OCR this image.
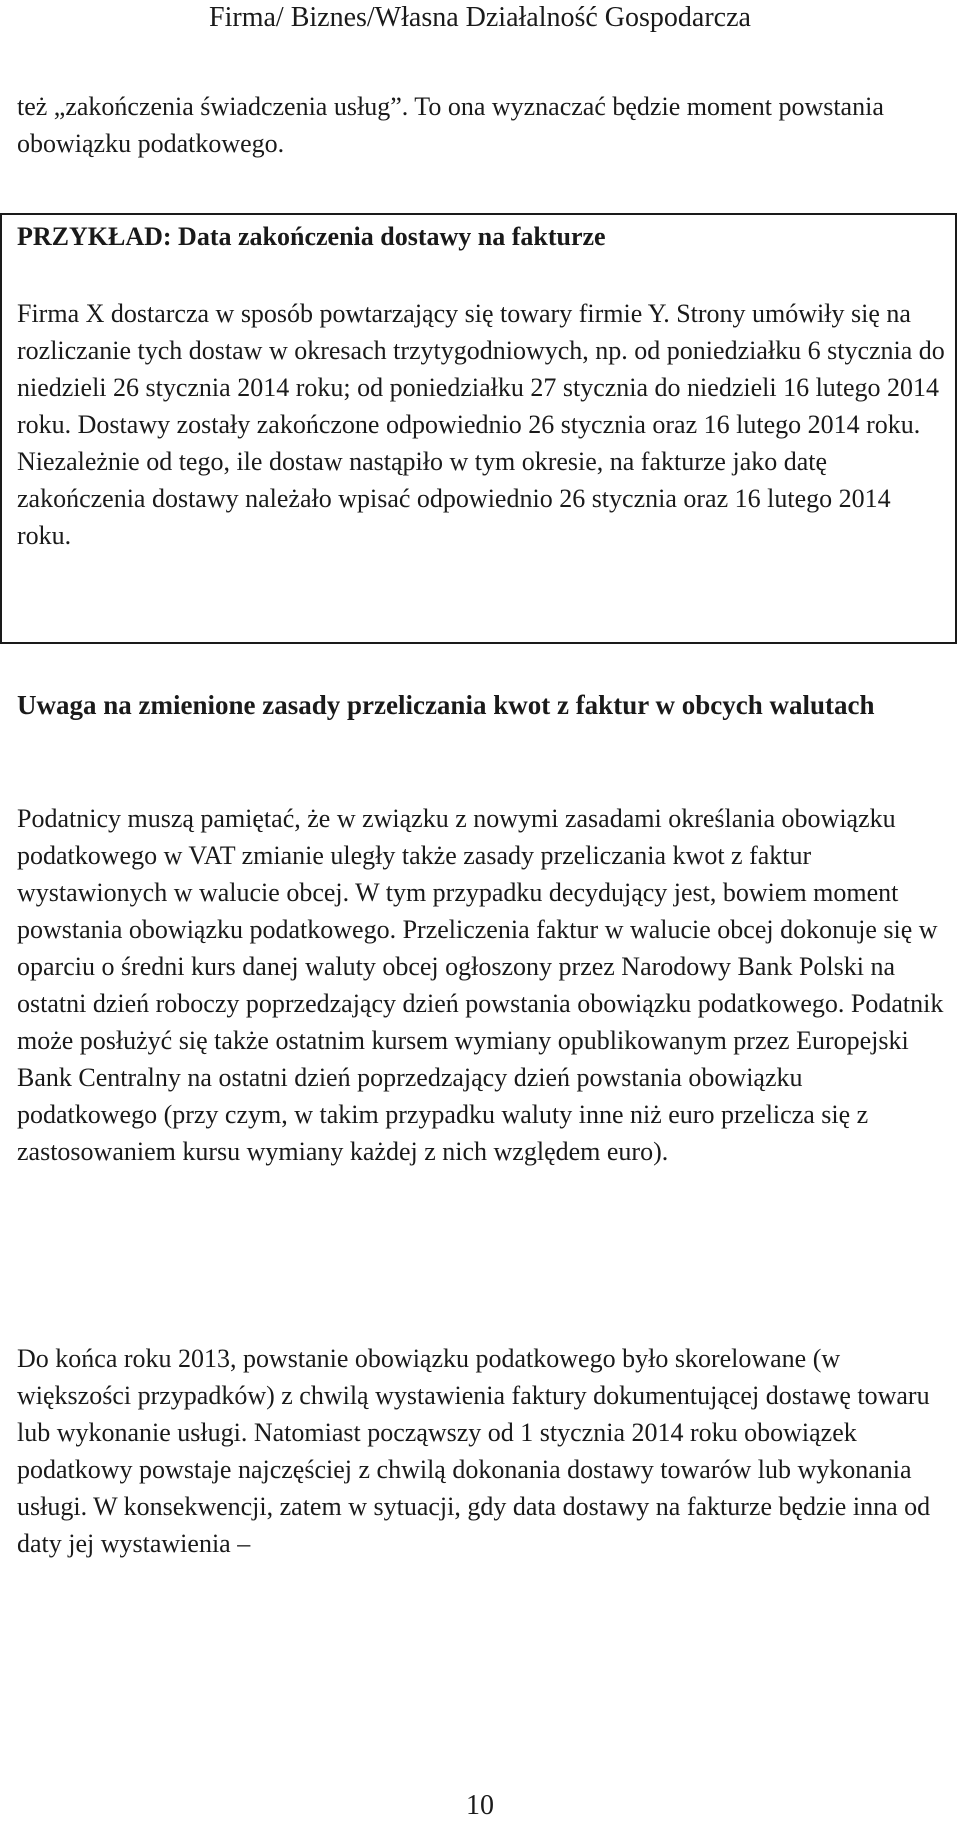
Firma/ Biznes/Własna Działalność Gospodarcza

też „zakończenia świadczenia usług”. To ona wyznaczać będzie moment powstania obowiązku podatkowego.

PRZYKŁAD: Data zakończenia dostawy na fakturze

Firma X dostarcza w sposób powtarzający się towary firmie Y. Strony umówiły się na rozliczanie tych dostaw w okresach trzytygodniowych, np. od poniedziałku 6 stycznia do niedzieli 26 stycznia 2014 roku; od poniedziałku 27 stycznia do niedzieli 16 lutego 2014 roku. Dostawy zostały zakończone odpowiednio 26 stycznia oraz 16 lutego 2014 roku. Niezależnie od tego, ile dostaw nastąpiło w tym okresie, na fakturze jako datę zakończenia dostawy należało wpisać odpowiednio 26 stycznia oraz 16 lutego 2014 roku.

Uwaga na zmienione zasady przeliczania kwot z faktur w obcych walutach

Podatnicy muszą pamiętać, że w związku z nowymi zasadami określania obowiązku podatkowego w VAT zmianie uległy także zasady przeliczania kwot z faktur wystawionych w walucie obcej. W tym przypadku decydujący jest, bowiem moment powstania obowiązku podatkowego. Przeliczenia faktur w walucie obcej dokonuje się w oparciu o średni kurs danej waluty obcej ogłoszony przez Narodowy Bank Polski na ostatni dzień roboczy poprzedzający dzień powstania obowiązku podatkowego. Podatnik może posłużyć się także ostatnim kursem wymiany opublikowanym przez Europejski Bank Centralny na ostatni dzień poprzedzający dzień powstania obowiązku podatkowego (przy czym, w takim przypadku waluty inne niż euro przelicza się z zastosowaniem kursu wymiany każdej z nich względem euro).

Do końca roku 2013, powstanie obowiązku podatkowego było skorelowane (w większości przypadków) z chwilą wystawienia faktury dokumentującej dostawę towaru lub wykonanie usługi. Natomiast począwszy od 1 stycznia 2014 roku obowiązek podatkowy powstaje najczęściej z chwilą dokonania dostawy towarów lub wykonania usługi. W konsekwencji, zatem w sytuacji, gdy data dostawy na fakturze będzie inna od daty jej wystawienia –

10
